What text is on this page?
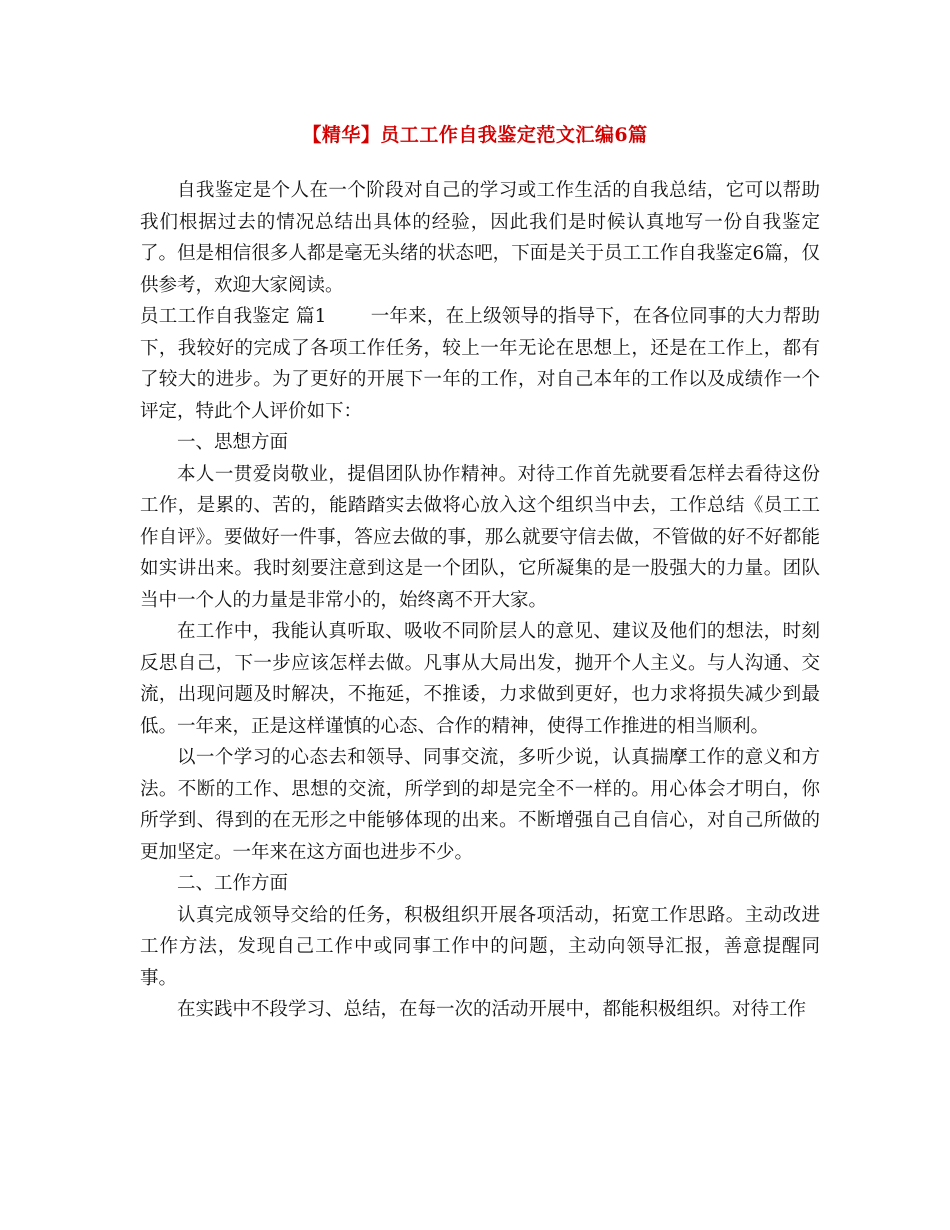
【精华】员工工作自我鉴定范文汇编6篇

自我鉴定是个人在一个阶段对自己的学习或工作生活的自我总结，它可以帮助我们根据过去的情况总结出具体的经验，因此我们是时候认真地写一份自我鉴定了。但是相信很多人都是毫无头绪的状态吧，下面是关于员工工作自我鉴定6篇，仅供参考，欢迎大家阅读。

员工工作自我鉴定 篇1 一年来，在上级领导的指导下，在各位同事的大力帮助下，我较好的完成了各项工作任务，较上一年无论在思想上，还是在工作上，都有了较大的进步。为了更好的开展下一年的工作，对自己本年的工作以及成绩作一个评定，特此个人评价如下：

一、思想方面

本人一贯爱岗敬业，提倡团队协作精神。对待工作首先就要看怎样去看待这份工作，是累的、苦的，能踏踏实去做将心放入这个组织当中去，工作总结《员工工作自评》。要做好一件事，答应去做的事，那么就要守信去做，不管做的好不好都能如实讲出来。我时刻要注意到这是一个团队，它所凝集的是一股强大的力量。团队当中一个人的力量是非常小的，始终离不开大家。

在工作中，我能认真听取、吸收不同阶层人的意见、建议及他们的想法，时刻反思自己，下一步应该怎样去做。凡事从大局出发，抛开个人主义。与人沟通、交流，出现问题及时解决，不拖延，不推诿，力求做到更好，也力求将损失减少到最低。一年来，正是这样谨慎的心态、合作的精神，使得工作推进的相当顺利。

以一个学习的心态去和领导、同事交流，多听少说，认真揣摩工作的意义和方法。不断的工作、思想的交流，所学到的却是完全不一样的。用心体会才明白，你所学到、得到的在无形之中能够体现的出来。不断增强自己自信心，对自己所做的更加坚定。一年来在这方面也进步不少。

二、工作方面

认真完成领导交给的任务，积极组织开展各项活动，拓宽工作思路。主动改进工作方法，发现自己工作中或同事工作中的问题，主动向领导汇报，善意提醒同事。

在实践中不段学习、总结，在每一次的活动开展中，都能积极组织。对待工作
